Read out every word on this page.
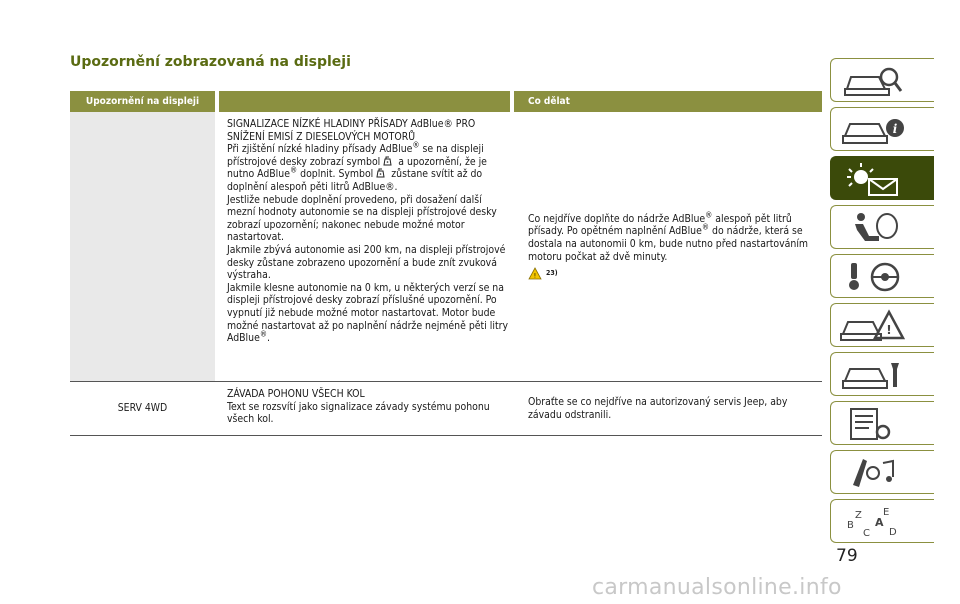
Upozornění zobrazovaná na displeji
Upozornění na displeji	Co dělat

SIGNALIZACE NÍZKÉ HLADINY PŘÍSADY AdBlue® PRO SNÍŽENÍ EMISÍ Z DIESELOVÝCH MOTORŮ

Při zjištění nízké hladiny přísady AdBlue® se na displeji přístrojové desky zobrazí symbol a upozornění, že je nutno AdBlue® doplnit. Symbol zůstane svítit až do doplnění alespoň pěti litrů AdBlue®.

Jestliže nebude doplnění provedeno, při dosažení další mezní hodnoty autonomie se na displeji přístrojové desky zobrazí upozornění; nakonec nebude možné motor nastartovat.

Jakmile zbývá autonomie asi 200 km, na displeji přístrojové desky zůstane zobrazeno upozornění a bude znít zvuková výstraha.

Jakmile klesne autonomie na 0 km, u některých verzí se na displeji přístrojové desky zobrazí příslušné upozornění. Po vypnutí již nebude možné motor nastartovat. Motor bude možné nastartovat až po naplnění nádrže nejméně pěti litry AdBlue®.

Co nejdříve doplňte do nádrže AdBlue® alespoň pět litrů přísady. Po opětném naplnění AdBlue® do nádrže, která se dostala na autonomii 0 km, bude nutno před nastartováním motoru počkat až dvě minuty.

! 23)
SERV 4WD

ZÁVADA POHONU VŠECH KOL

Text se rozsvítí jako signalizace závady systému pohonu všech kol.

Obraťte se co nejdříve na autorizovaný servis Jeep, aby závadu odstranili.

i
!
Z E
B A
C D
79
carmanualsonline.info
